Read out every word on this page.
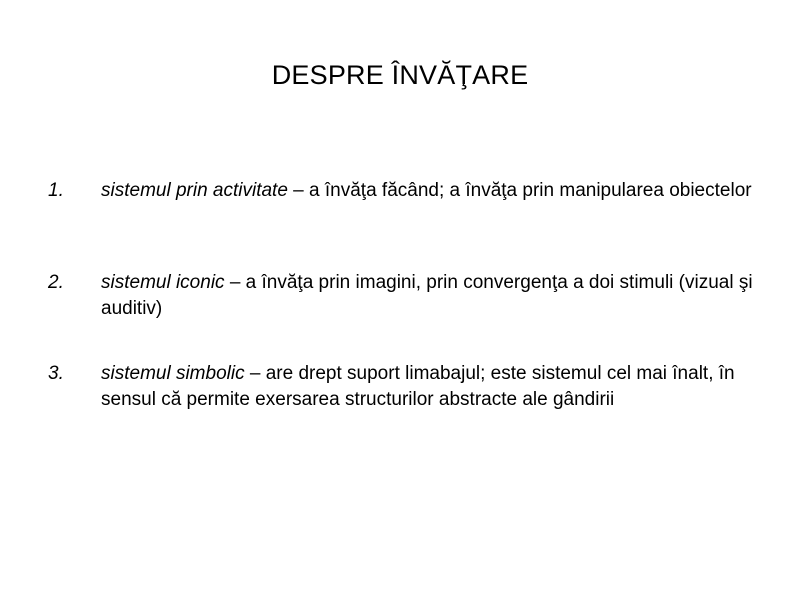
DESPRE ÎNVĂŢARE
1. sistemul prin activitate – a învăţa făcând; a învăţa prin manipularea obiectelor
2. sistemul iconic – a învăţa prin imagini, prin convergenţa a doi stimuli (vizual şi auditiv)
3. sistemul simbolic – are drept suport limabajul; este sistemul cel mai înalt, în sensul că permite exersarea structurilor abstracte ale gândirii
